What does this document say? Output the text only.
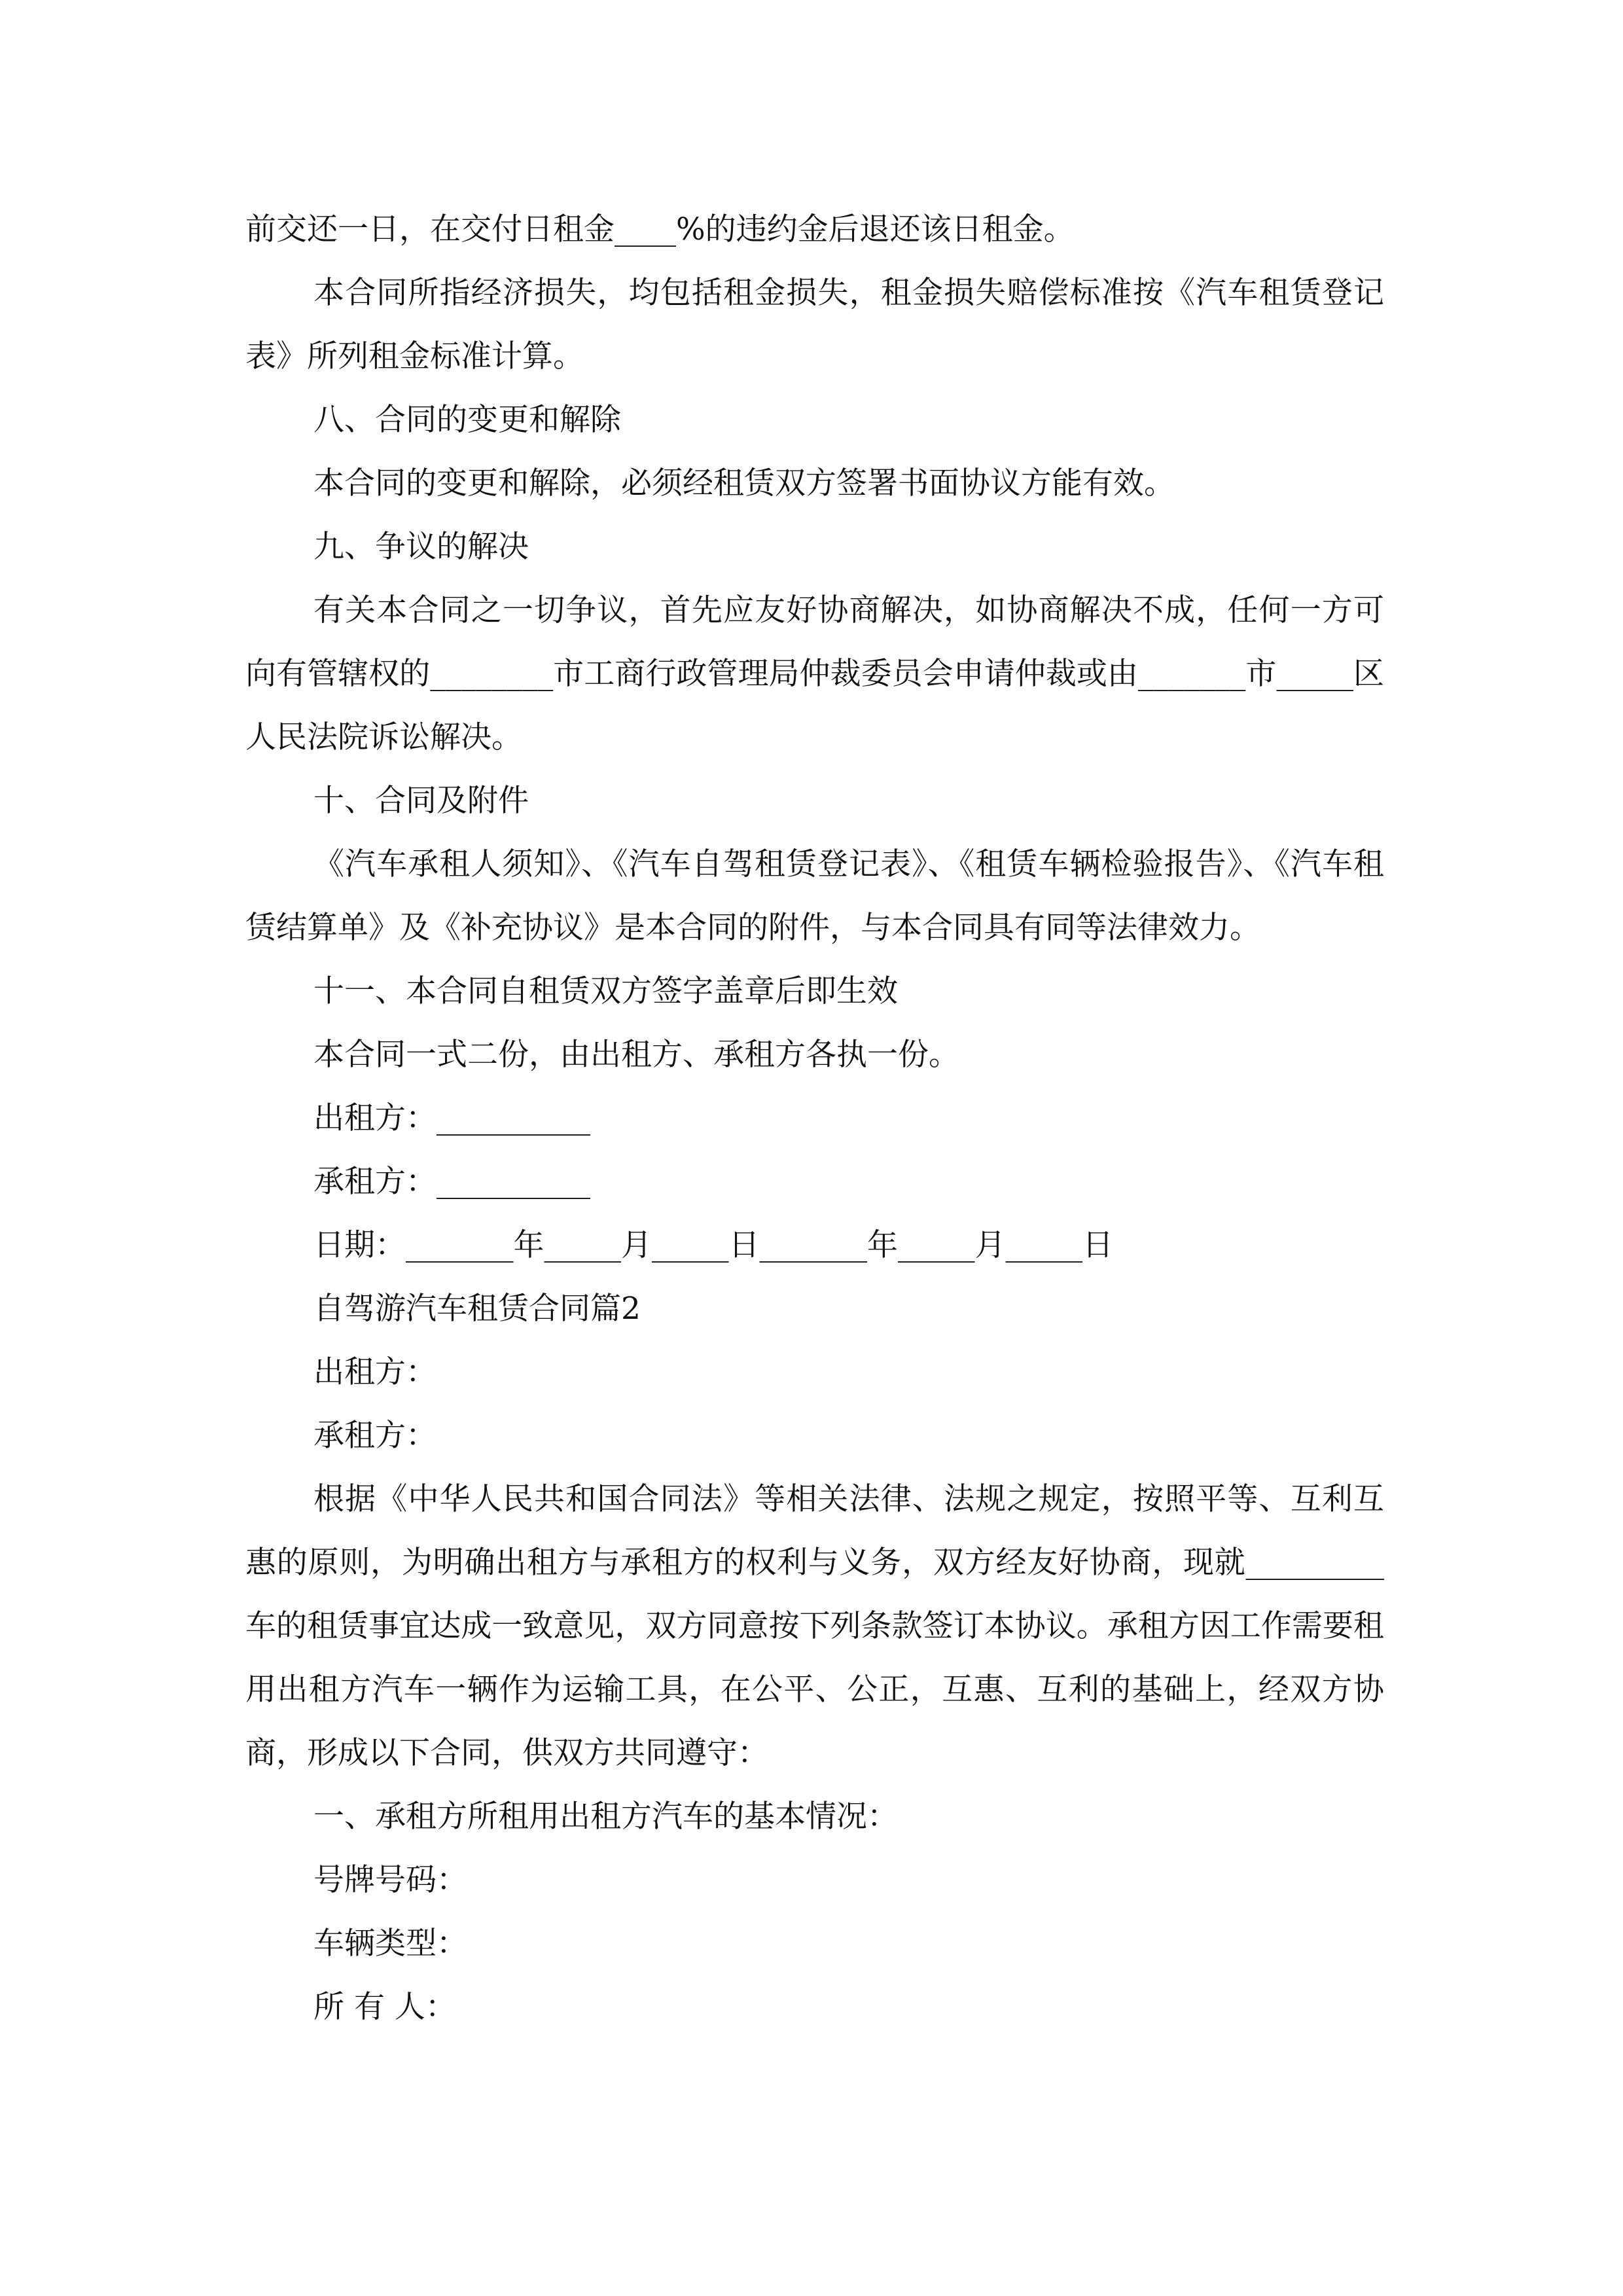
前交还一日，在交付日租金____%的违约金后退还该日租金。

本合同所指经济损失，均包括租金损失，租金损失赔偿标准按《汽车租赁登记表》所列租金标准计算。

八、合同的变更和解除

本合同的变更和解除，必须经租赁双方签署书面协议方能有效。

九、争议的解决

有关本合同之一切争议，首先应友好协商解决，如协商解决不成，任何一方可向有管辖权的________市工商行政管理局仲裁委员会申请仲裁或由_______市_____区人民法院诉讼解决。

十、合同及附件

《汽车承租人须知》、《汽车自驾租赁登记表》、《租赁车辆检验报告》、《汽车租赁结算单》及《补充协议》是本合同的附件，与本合同具有同等法律效力。

十一、本合同自租赁双方签字盖章后即生效

本合同一式二份，由出租方、承租方各执一份。

出租方：__________

承租方：__________

日期：_______年_____月_____日_______年_____月_____日

自驾游汽车租赁合同篇2

出租方：

承租方：

根据《中华人民共和国合同法》等相关法律、法规之规定，按照平等、互利互惠的原则，为明确出租方与承租方的权利与义务，双方经友好协商，现就_________车的租赁事宜达成一致意见，双方同意按下列条款签订本协议。承租方因工作需要租用出租方汽车一辆作为运输工具，在公平、公正，互惠、互利的基础上，经双方协商，形成以下合同，供双方共同遵守：

一、承租方所租用出租方汽车的基本情况：

号牌号码：

车辆类型：

所 有 人：
